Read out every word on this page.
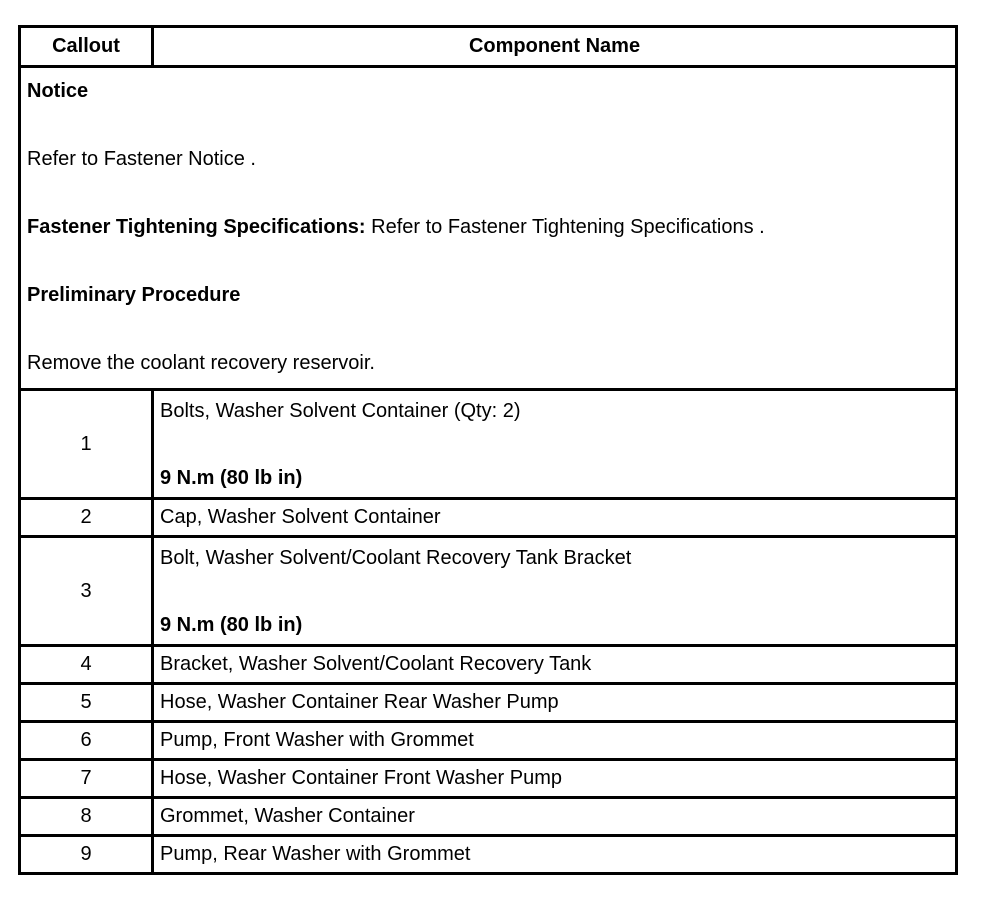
Callout	Component Name

Notice

Refer to Fastener Notice .

Fastener Tightening Specifications: Refer to Fastener Tightening Specifications .

Preliminary Procedure

Remove the coolant recovery reservoir.	

1	Bolts, Washer Solvent Container (Qty: 2)
9 N.m (80 lb in)
2	Cap, Washer Solvent Container
3	Bolt, Washer Solvent/Coolant Recovery Tank Bracket
9 N.m (80 lb in)
4	Bracket, Washer Solvent/Coolant Recovery Tank
5	Hose, Washer Container Rear Washer Pump
6	Pump, Front Washer with Grommet
7	Hose, Washer Container Front Washer Pump
8	Grommet, Washer Container
9	Pump, Rear Washer with Grommet
